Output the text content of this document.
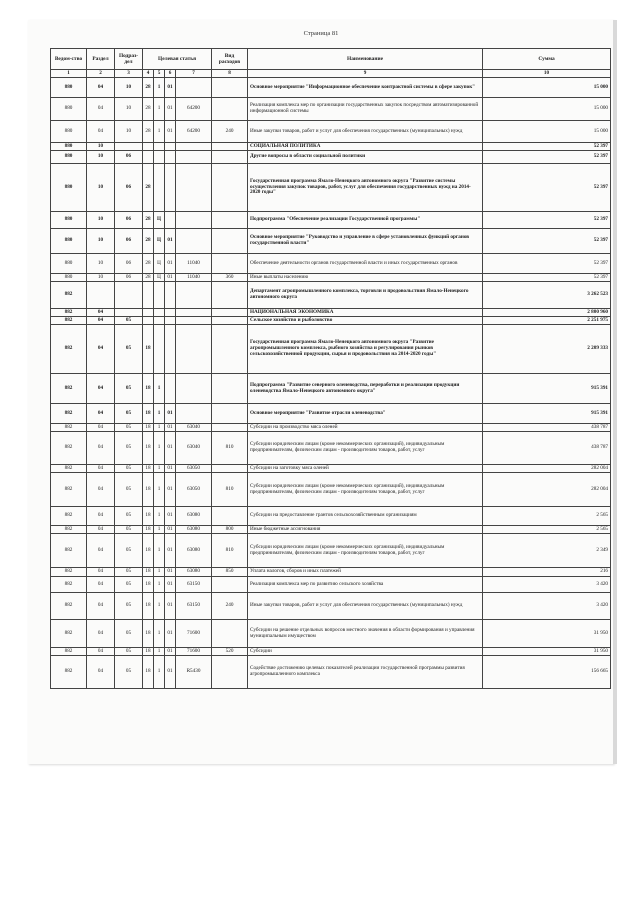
Страница 81
Ведом-ство	Раздел	Подраз-дел	Целевая статья				Вид расходов	Наименование	Сумма
1	2	3	4	5	6	7	8	9	10
880	04	10	28	1	01			Основное мероприятие "Информационное обеспечение контрактной системы в сфере закупок"	15 000
880	04	10	28	1	01	64200		Реализация комплекса мер по организации государственных закупок посредством автоматизированной информационной системы	15 000
880	04	10	28	1	01	64200	240	Иные закупки товаров, работ и услуг для обеспечения государственных (муниципальных) нужд	15 000
880	10							СОЦИАЛЬНАЯ ПОЛИТИКА	52 397
880	10	06						Другие вопросы в области социальной политики	52 397
880	10	06	28					Государственная программа Ямало-Ненецкого автономного округа "Развитие системы осуществления закупок товаров, работ, услуг для обеспечения государственных нужд на 2014-2020 годы"	52 397
880	10	06	28	Ц				Подпрограмма "Обеспечение реализации Государственной программы"	52 397
880	10	06	28	Ц	01			Основное мероприятие "Руководство и управление в сфере установленных функций органов государственной власти"	52 397
880	10	06	28	Ц	01	11040		Обеспечение деятельности органов государственной власти и иных государственных органов	52 397
880	10	06	28	Ц	01	11040	360	Иные выплаты населению	52 397
882								Департамент агропромышленного комплекса, торговли и продовольствия Ямало-Ненецкого автономного округа	3 262 523
882	04							НАЦИОНАЛЬНАЯ ЭКОНОМИКА	2 800 960
882	04	05						Сельское хозяйство и рыболовство	2 251 975
882	04	05	18					Государственная программа Ямало-Ненецкого автономного округа "Развитие агропромышленного комплекса, рыбного хозяйства и регулирования рынков сельскохозяйственной продукции, сырья и продовольствия на 2014-2020 годы"	2 209 333
882	04	05	18	1				Подпрограмма "Развитие северного оленеводства, переработки и реализации продукции оленеводства Ямало-Ненецкого автономного округа"	915 391
882	04	05	18	1	01			Основное мероприятие "Развитие отрасли оленеводства"	915 391
882	04	05	18	1	01	63040		Субсидии на производство мяса оленей	438 787
882	04	05	18	1	01	63040	810	Субсидии юридическим лицам (кроме некоммерческих организаций), индивидуальным предпринимателям, физическим лицам - производителям товаров, работ, услуг	438 787
882	04	05	18	1	01	63050		Субсидии на заготовку мяса оленей	282 004
882	04	05	18	1	01	63050	810	Субсидии юридическим лицам (кроме некоммерческих организаций), индивидуальным предпринимателям, физическим лицам - производителям товаров, работ, услуг	282 004
882	04	05	18	1	01	63080		Субсидии на предоставление грантов сельскохозяйственным организациям	2 565
882	04	05	18	1	01	63080	800	Иные бюджетные ассигнования	2 565
882	04	05	18	1	01	63080	810	Субсидии юридическим лицам (кроме некоммерческих организаций), индивидуальным предпринимателям, физическим лицам - производителям товаров, работ, услуг	2 349
882	04	05	18	1	01	63080	850	Уплата налогов, сборов и иных платежей	216
882	04	05	18	1	01	63150		Реализация комплекса мер по развитию сельского хозяйства	3 420
882	04	05	18	1	01	63150	240	Иные закупки товаров, работ и услуг для обеспечения государственных (муниципальных) нужд	3 420
882	04	05	18	1	01	71600		Субсидии на решение отдельных вопросов местного значения в области формирования и управления муниципальным имуществом	31 950
882	04	05	18	1	01	71600	520	Субсидии	31 950
882	04	05	18	1	01	R5430		Содействие достижению целевых показателей реализации государственной программы развития агропромышленного комплекса	156 665
